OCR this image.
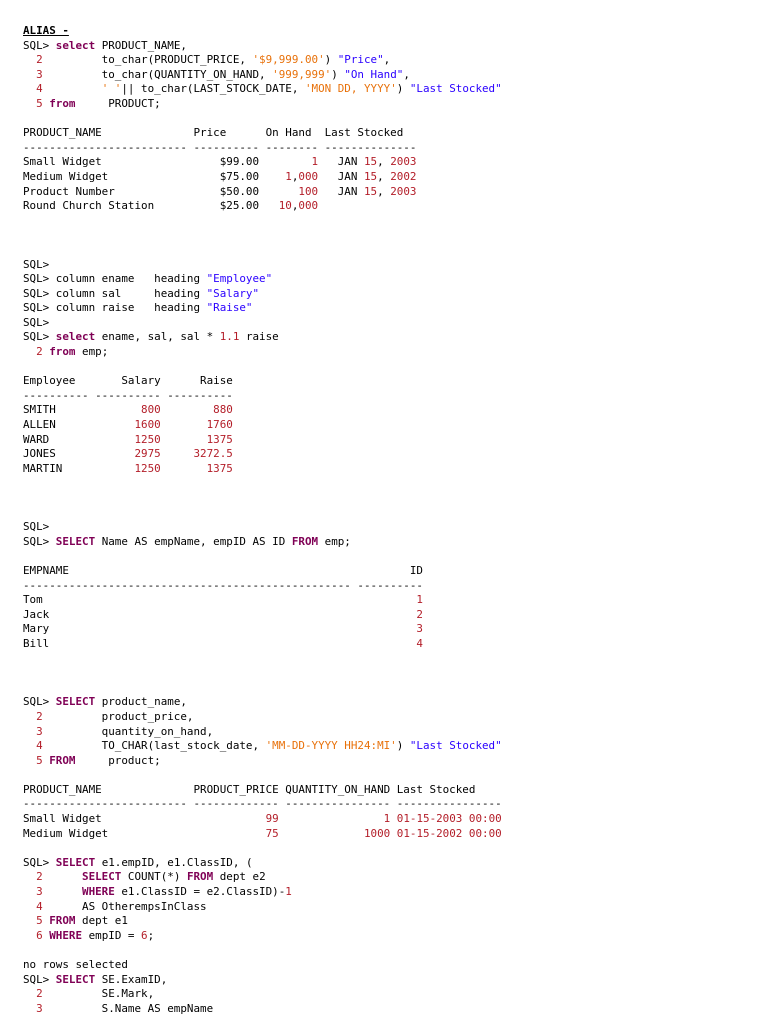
ALIAS -
SQL> select PRODUCT_NAME,
2         to_char(PRODUCT_PRICE, '$9,999.00') "Price",
3         to_char(QUANTITY_ON_HAND, '999,999') "On Hand",
4	' '|| to_char(LAST_STOCK_DATE, 'MON DD, YYYY') "Last Stocked"
5 from     PRODUCT;
PRODUCT_NAME              Price      On Hand  Last Stocked
------------------------- ---------- -------- --------------
Small Widget                  $99.00        1   JAN 15, 2003
Medium Widget                 $75.00    1,000   JAN 15, 2002
Product Number                $50.00      100   JAN 15, 2003
Round Church Station          $25.00   10,000
SQL>
SQL> column ename   heading "Employee"
SQL> column sal     heading "Salary"
SQL> column raise   heading "Raise"
SQL>
SQL> select ename, sal, sal * 1.1 raise
2 from emp;
Employee       Salary      Raise
---------- ---------- ----------
SMITH             800	880
ALLEN            1600	1760
WARD             1250	1375
JONES            2975	3272.5
MARTIN           1250	1375
SQL>
SQL> SELECT Name AS empName, empID AS ID FROM emp;
EMPNAME                                                    ID
-------------------------------------------------- ----------
Tom                                                         1
Jack                                                        2
Mary                                                        3
Bill                                                        4
SQL> SELECT product_name,
2         product_price,
3         quantity_on_hand,
4         TO_CHAR(last_stock_date, 'MM-DD-YYYY HH24:MI') "Last Stocked"
5 FROM     product;
PRODUCT_NAME              PRODUCT_PRICE QUANTITY_ON_HAND Last Stocked
------------------------- ------------- ---------------- ----------------
Small Widget                         99	1 01-15-2003 00:00
Medium Widget                        75	1000 01-15-2002 00:00
SQL> SELECT e1.empID, e1.ClassID, (
2	SELECT COUNT(*) FROM dept e2
3	WHERE e1.ClassID = e2.ClassID)-1
4      AS OtherempsInClass
5 FROM dept e1
6 WHERE empID = 6;
no rows selected
SQL> SELECT SE.ExamID,
2         SE.Mark,
3         S.Name AS empName
